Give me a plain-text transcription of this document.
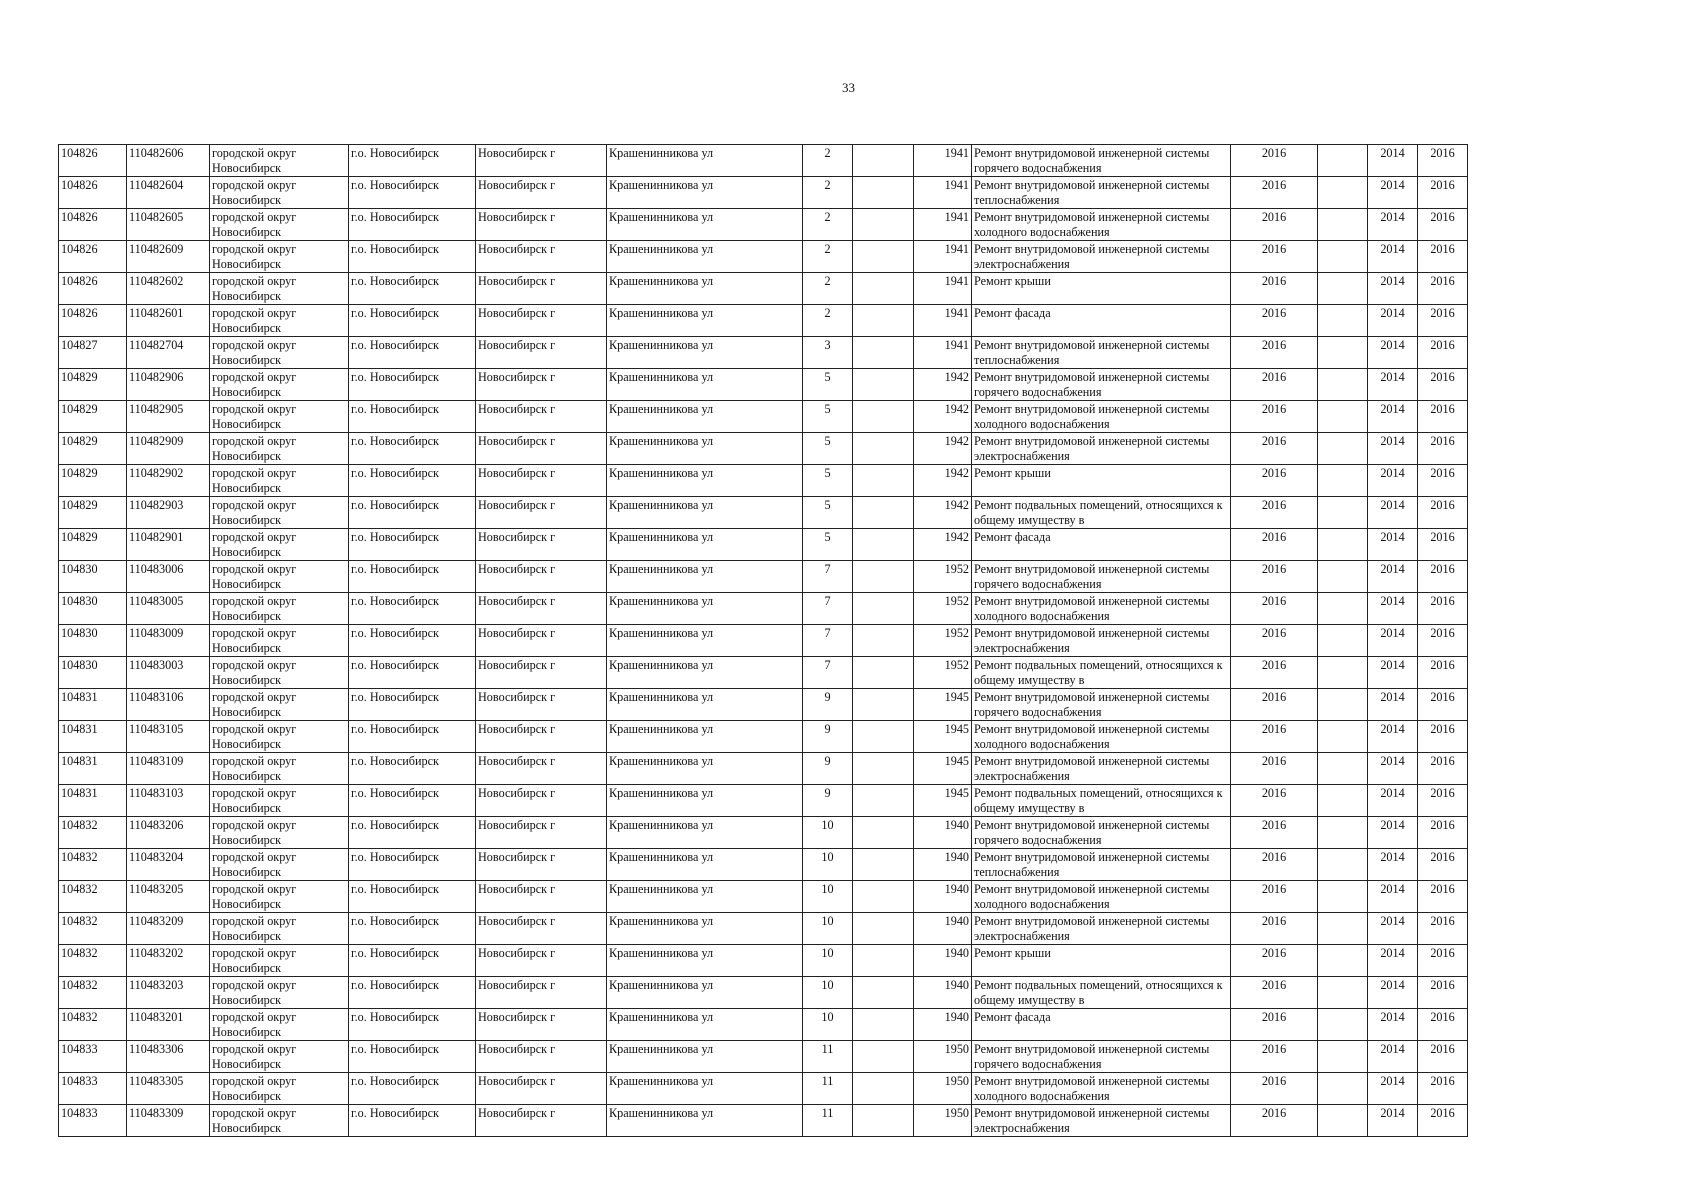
33
104826	110482606	городской округ Новосибирск	г.о. Новосибирск	Новосибирск г	Крашенинникова ул	2		1941	Ремонт внутридомовой инженерной системы горячего водоснабжения	2016		2014	2016
104826	110482604	городской округ Новосибирск	г.о. Новосибирск	Новосибирск г	Крашенинникова ул	2		1941	Ремонт внутридомовой инженерной системы теплоснабжения	2016		2014	2016
104826	110482605	городской округ Новосибирск	г.о. Новосибирск	Новосибирск г	Крашенинникова ул	2		1941	Ремонт внутридомовой инженерной системы холодного водоснабжения	2016		2014	2016
104826	110482609	городской округ Новосибирск	г.о. Новосибирск	Новосибирск г	Крашенинникова ул	2		1941	Ремонт внутридомовой инженерной системы электроснабжения	2016		2014	2016
104826	110482602	городской округ Новосибирск	г.о. Новосибирск	Новосибирск г	Крашенинникова ул	2		1941	Ремонт крыши	2016		2014	2016
104826	110482601	городской округ Новосибирск	г.о. Новосибирск	Новосибирск г	Крашенинникова ул	2		1941	Ремонт фасада	2016		2014	2016
104827	110482704	городской округ Новосибирск	г.о. Новосибирск	Новосибирск г	Крашенинникова ул	3		1941	Ремонт внутридомовой инженерной системы теплоснабжения	2016		2014	2016
104829	110482906	городской округ Новосибирск	г.о. Новосибирск	Новосибирск г	Крашенинникова ул	5		1942	Ремонт внутридомовой инженерной системы горячего водоснабжения	2016		2014	2016
104829	110482905	городской округ Новосибирск	г.о. Новосибирск	Новосибирск г	Крашенинникова ул	5		1942	Ремонт внутридомовой инженерной системы холодного водоснабжения	2016		2014	2016
104829	110482909	городской округ Новосибирск	г.о. Новосибирск	Новосибирск г	Крашенинникова ул	5		1942	Ремонт внутридомовой инженерной системы электроснабжения	2016		2014	2016
104829	110482902	городской округ Новосибирск	г.о. Новосибирск	Новосибирск г	Крашенинникова ул	5		1942	Ремонт крыши	2016		2014	2016
104829	110482903	городской округ Новосибирск	г.о. Новосибирск	Новосибирск г	Крашенинникова ул	5		1942	Ремонт подвальных помещений, относящихся к общему имуществу в	2016		2014	2016
104829	110482901	городской округ Новосибирск	г.о. Новосибирск	Новосибирск г	Крашенинникова ул	5		1942	Ремонт фасада	2016		2014	2016
104830	110483006	городской округ Новосибирск	г.о. Новосибирск	Новосибирск г	Крашенинникова ул	7		1952	Ремонт внутридомовой инженерной системы горячего водоснабжения	2016		2014	2016
104830	110483005	городской округ Новосибирск	г.о. Новосибирск	Новосибирск г	Крашенинникова ул	7		1952	Ремонт внутридомовой инженерной системы холодного водоснабжения	2016		2014	2016
104830	110483009	городской округ Новосибирск	г.о. Новосибирск	Новосибирск г	Крашенинникова ул	7		1952	Ремонт внутридомовой инженерной системы электроснабжения	2016		2014	2016
104830	110483003	городской округ Новосибирск	г.о. Новосибирск	Новосибирск г	Крашенинникова ул	7		1952	Ремонт подвальных помещений, относящихся к общему имуществу в	2016		2014	2016
104831	110483106	городской округ Новосибирск	г.о. Новосибирск	Новосибирск г	Крашенинникова ул	9		1945	Ремонт внутридомовой инженерной системы горячего водоснабжения	2016		2014	2016
104831	110483105	городской округ Новосибирск	г.о. Новосибирск	Новосибирск г	Крашенинникова ул	9		1945	Ремонт внутридомовой инженерной системы холодного водоснабжения	2016		2014	2016
104831	110483109	городской округ Новосибирск	г.о. Новосибирск	Новосибирск г	Крашенинникова ул	9		1945	Ремонт внутридомовой инженерной системы электроснабжения	2016		2014	2016
104831	110483103	городской округ Новосибирск	г.о. Новосибирск	Новосибирск г	Крашенинникова ул	9		1945	Ремонт подвальных помещений, относящихся к общему имуществу в	2016		2014	2016
104832	110483206	городской округ Новосибирск	г.о. Новосибирск	Новосибирск г	Крашенинникова ул	10		1940	Ремонт внутридомовой инженерной системы горячего водоснабжения	2016		2014	2016
104832	110483204	городской округ Новосибирск	г.о. Новосибирск	Новосибирск г	Крашенинникова ул	10		1940	Ремонт внутридомовой инженерной системы теплоснабжения	2016		2014	2016
104832	110483205	городской округ Новосибирск	г.о. Новосибирск	Новосибирск г	Крашенинникова ул	10		1940	Ремонт внутридомовой инженерной системы холодного водоснабжения	2016		2014	2016
104832	110483209	городской округ Новосибирск	г.о. Новосибирск	Новосибирск г	Крашенинникова ул	10		1940	Ремонт внутридомовой инженерной системы электроснабжения	2016		2014	2016
104832	110483202	городской округ Новосибирск	г.о. Новосибирск	Новосибирск г	Крашенинникова ул	10		1940	Ремонт крыши	2016		2014	2016
104832	110483203	городской округ Новосибирск	г.о. Новосибирск	Новосибирск г	Крашенинникова ул	10		1940	Ремонт подвальных помещений, относящихся к общему имуществу в	2016		2014	2016
104832	110483201	городской округ Новосибирск	г.о. Новосибирск	Новосибирск г	Крашенинникова ул	10		1940	Ремонт фасада	2016		2014	2016
104833	110483306	городской округ Новосибирск	г.о. Новосибирск	Новосибирск г	Крашенинникова ул	11		1950	Ремонт внутридомовой инженерной системы горячего водоснабжения	2016		2014	2016
104833	110483305	городской округ Новосибирск	г.о. Новосибирск	Новосибирск г	Крашенинникова ул	11		1950	Ремонт внутридомовой инженерной системы холодного водоснабжения	2016		2014	2016
104833	110483309	городской округ Новосибирск	г.о. Новосибирск	Новосибирск г	Крашенинникова ул	11		1950	Ремонт внутридомовой инженерной системы электроснабжения	2016		2014	2016
